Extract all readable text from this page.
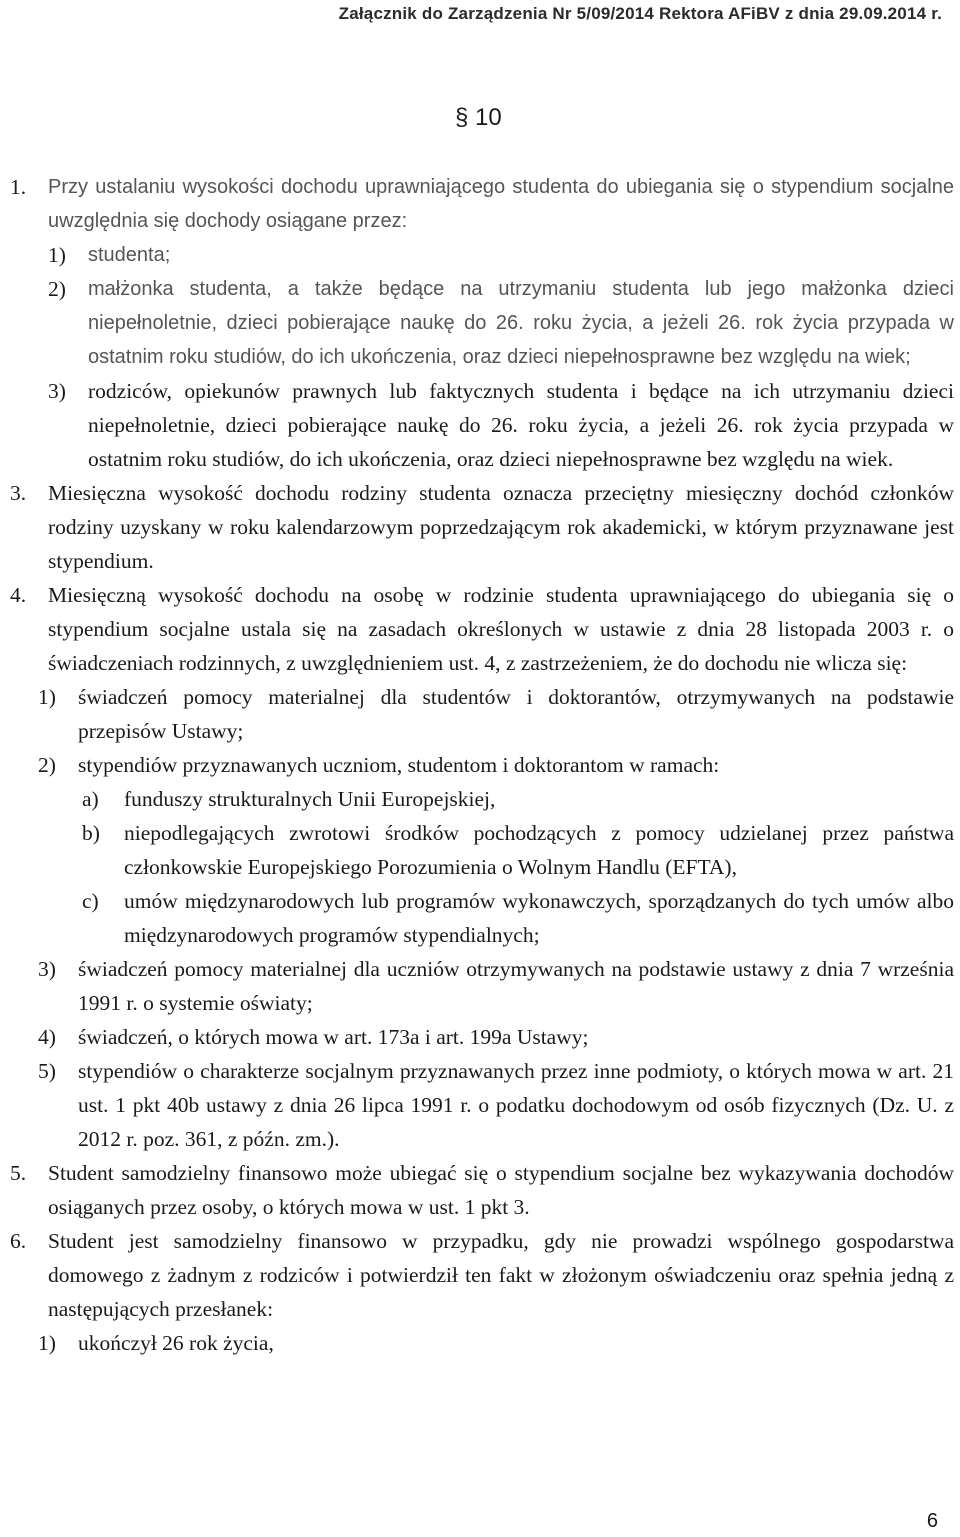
Załącznik do Zarządzenia Nr 5/09/2014 Rektora AFiBV z dnia 29.09.2014 r.
§ 10
1.	Przy ustalaniu wysokości dochodu uprawniającego studenta do ubiegania się o stypendium socjalne uwzględnia się dochody osiągane przez:
1)	studenta;
2)	małżonka studenta, a także będące na utrzymaniu studenta lub jego małżonka dzieci niepełnoletnie, dzieci pobierające naukę do 26. roku życia, a jeżeli 26. rok życia przypada w ostatnim roku studiów, do ich ukończenia, oraz dzieci niepełnosprawne bez względu na wiek;
3)	rodziców, opiekunów prawnych lub faktycznych studenta i będące na ich utrzymaniu dzieci niepełnoletnie, dzieci pobierające naukę do 26. roku życia, a jeżeli 26. rok życia przypada w ostatnim roku studiów, do ich ukończenia, oraz dzieci niepełnosprawne bez względu na wiek.
3.	Miesięczna wysokość dochodu rodziny studenta oznacza przeciętny miesięczny dochód członków rodziny uzyskany w roku kalendarzowym poprzedzającym rok akademicki, w którym przyznawane jest stypendium.
4.	Miesięczną wysokość dochodu na osobę w rodzinie studenta uprawniającego do ubiegania się o stypendium socjalne ustala się na zasadach określonych w ustawie z dnia 28 listopada 2003 r. o świadczeniach rodzinnych, z uwzględnieniem ust. 4, z zastrzeżeniem, że do dochodu nie wlicza się:
1)	świadczeń pomocy materialnej dla studentów i doktorantów, otrzymywanych na podstawie przepisów Ustawy;
2)	stypendiów przyznawanych uczniom, studentom i doktorantom w ramach:
a)	funduszy strukturalnych Unii Europejskiej,
b)	niepodlegających zwrotowi środków pochodzących z pomocy udzielanej przez państwa członkowskie Europejskiego Porozumienia o Wolnym Handlu (EFTA),
c)	umów międzynarodowych lub programów wykonawczych, sporządzanych do tych umów albo międzynarodowych programów stypendialnych;
3)	świadczeń pomocy materialnej dla uczniów otrzymywanych na podstawie ustawy z dnia 7 września 1991 r. o systemie oświaty;
4)	świadczeń, o których mowa w art. 173a i art. 199a Ustawy;
5)	stypendiów o charakterze socjalnym przyznawanych przez inne podmioty, o których mowa w art. 21 ust. 1 pkt 40b ustawy z dnia 26 lipca 1991 r. o podatku dochodowym od osób fizycznych (Dz. U. z 2012 r. poz. 361, z późn. zm.).
5.	Student samodzielny finansowo może ubiegać się o stypendium socjalne bez wykazywania dochodów osiąganych przez osoby, o których mowa w ust. 1 pkt 3.
6.	Student jest samodzielny finansowo w przypadku, gdy nie prowadzi wspólnego gospodarstwa domowego z żadnym z rodziców i potwierdził ten fakt w złożonym oświadczeniu oraz spełnia jedną z następujących przesłanek:
1)	ukończył 26 rok życia,
6
